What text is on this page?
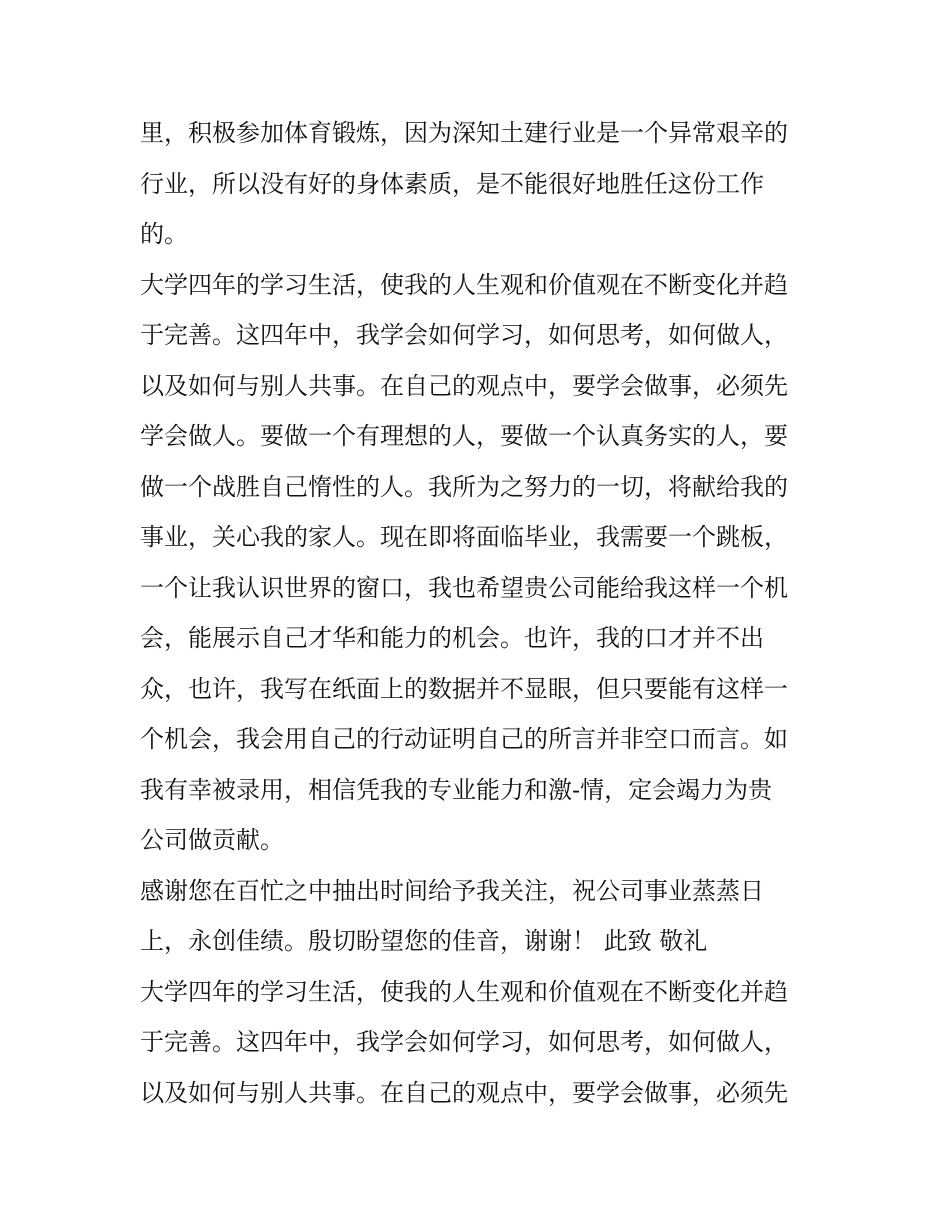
里，积极参加体育锻炼，因为深知土建行业是一个异常艰辛的
行业，所以没有好的身体素质，是不能很好地胜任这份工作
的。
大学四年的学习生活，使我的人生观和价值观在不断变化并趋
于完善。这四年中，我学会如何学习，如何思考，如何做人，
以及如何与别人共事。在自己的观点中，要学会做事，必须先
学会做人。要做一个有理想的人，要做一个认真务实的人，要
做一个战胜自己惰性的人。我所为之努力的一切，将献给我的
事业，关心我的家人。现在即将面临毕业，我需要一个跳板，
一个让我认识世界的窗口，我也希望贵公司能给我这样一个机
会，能展示自己才华和能力的机会。也许，我的口才并不出
众，也许，我写在纸面上的数据并不显眼，但只要能有这样一
个机会，我会用自己的行动证明自己的所言并非空口而言。如
我有幸被录用，相信凭我的专业能力和激-情，定会竭力为贵
公司做贡献。
感谢您在百忙之中抽出时间给予我关注，祝公司事业蒸蒸日
上，永创佳绩。殷切盼望您的佳音，谢谢！ 此致 敬礼
大学四年的学习生活，使我的人生观和价值观在不断变化并趋
于完善。这四年中，我学会如何学习，如何思考，如何做人，
以及如何与别人共事。在自己的观点中，要学会做事，必须先
